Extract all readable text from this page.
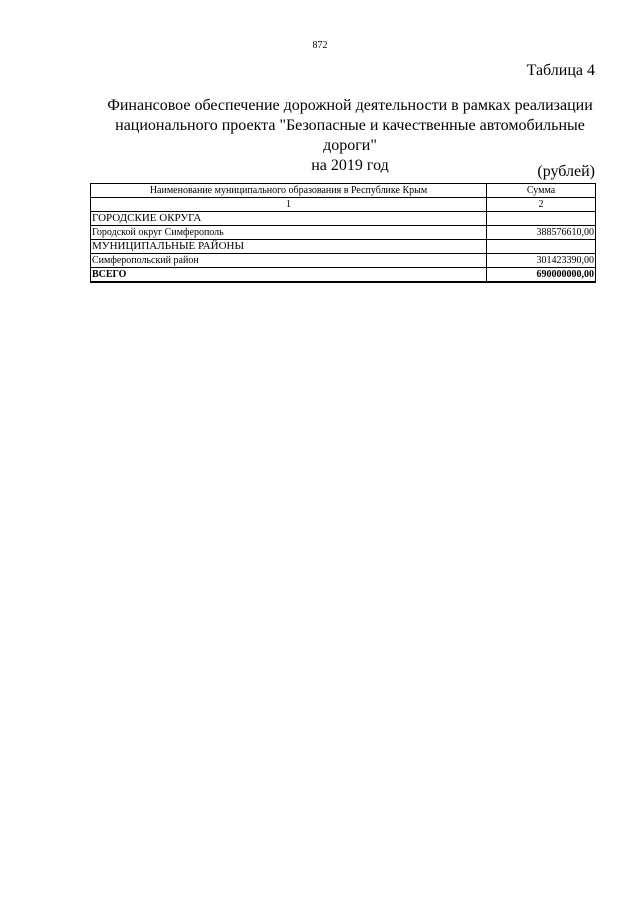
872
Таблица 4
Финансовое обеспечение дорожной деятельности в рамках реализации
национального проекта "Безопасные и качественные автомобильные дороги"
на 2019 год	(рублей)
Наименование муниципального образования в Республике Крым	Сумма
1	2
ГОРОДСКИЕ ОКРУГА	
Городской округ Симферополь	388576610,00
МУНИЦИПАЛЬНЫЕ РАЙОНЫ	
Симферопольский район	301423390,00
ВСЕГО	690000000,00
